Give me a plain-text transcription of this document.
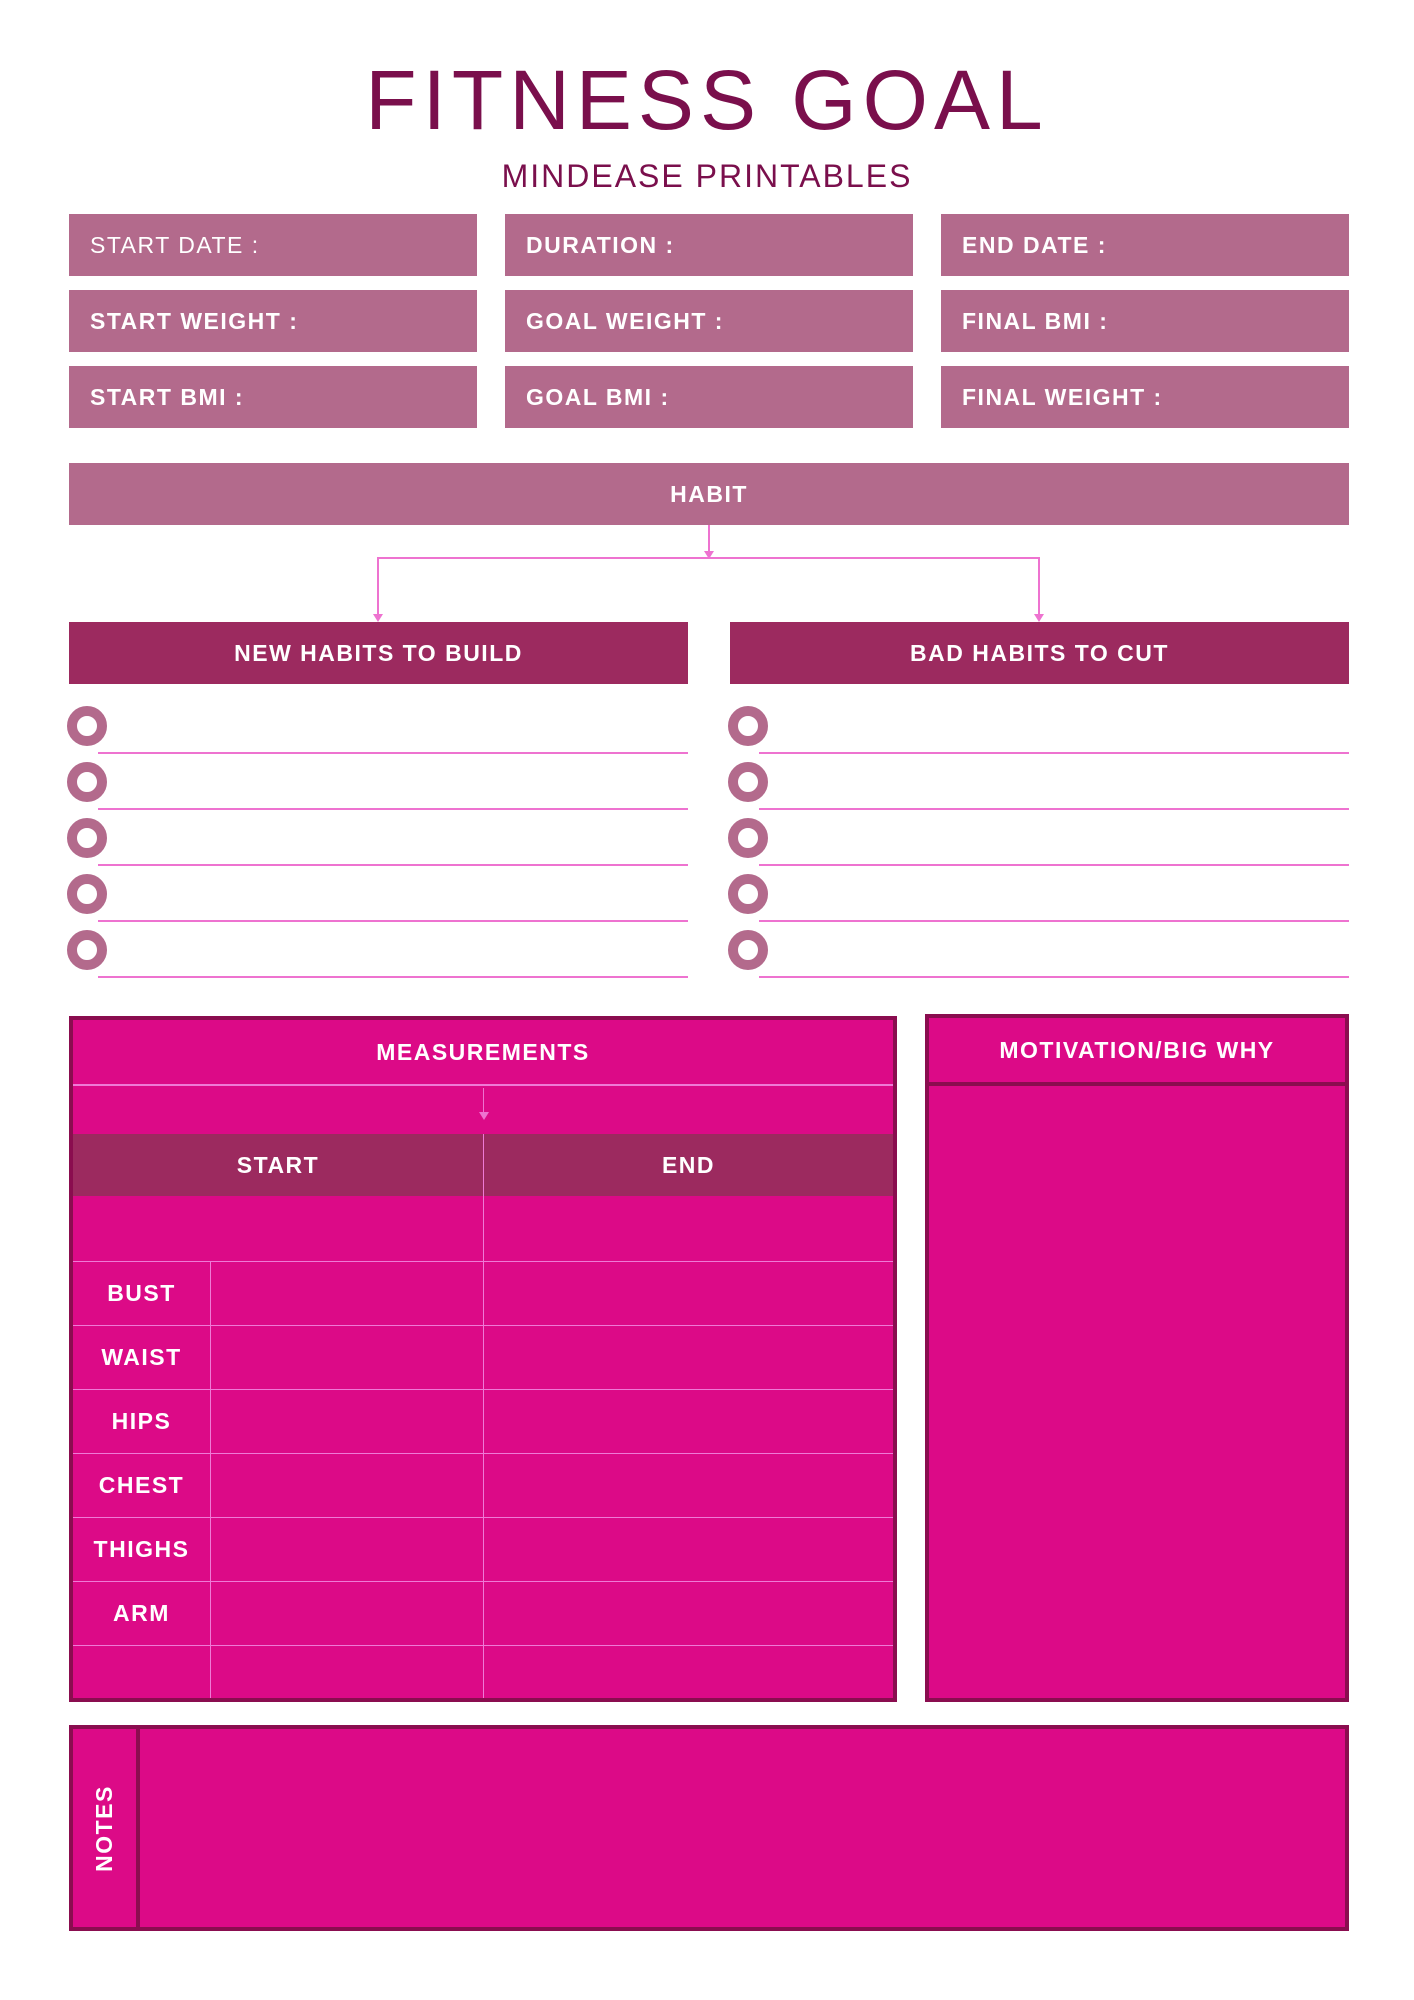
FITNESS GOAL
MINDEASE PRINTABLES
START DATE :	DURATION :	END DATE :
START WEIGHT :	GOAL WEIGHT :	FINAL BMI :
START BMI :	GOAL BMI :	FINAL WEIGHT :
HABIT
NEW HABITS TO BUILD	BAD HABITS TO CUT
MEASUREMENTS
START	END
BUST
WAIST
HIPS
CHEST
THIGHS
ARM
MOTIVATION/BIG WHY
NOTES
